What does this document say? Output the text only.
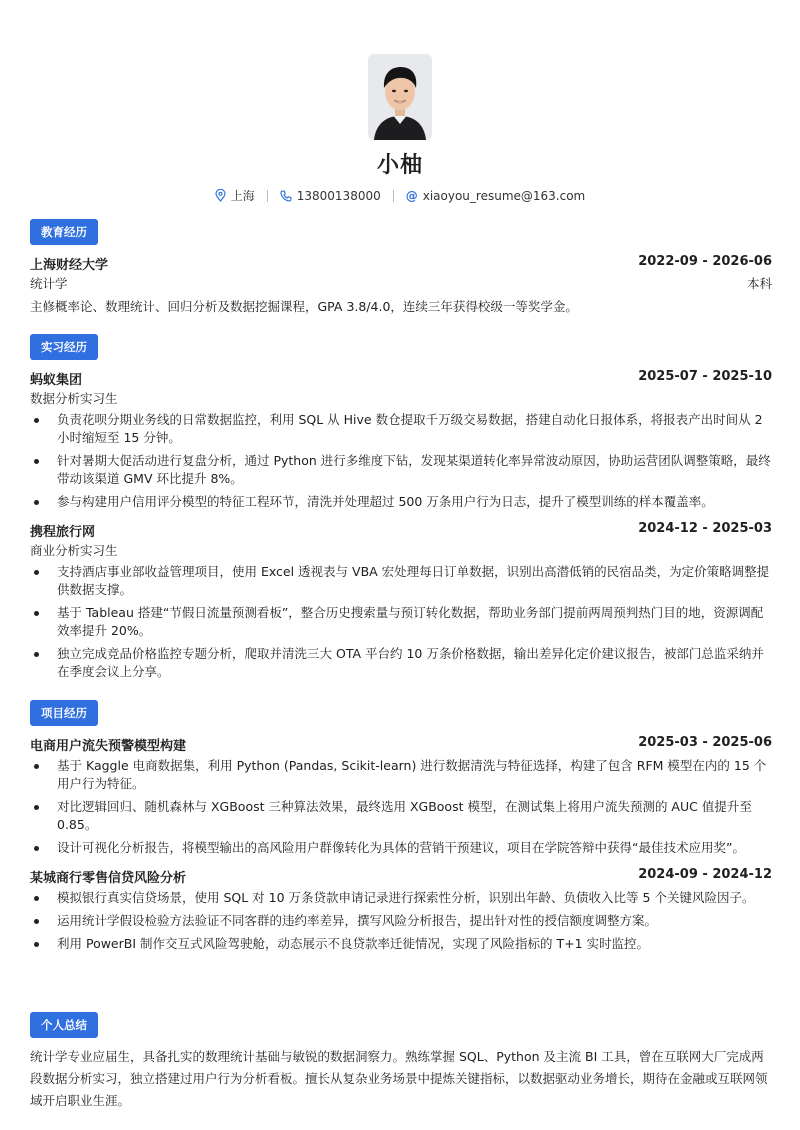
小柚
上海	13800138000 @ xiaoyou_resume@163.com
教育经历
上海财经大学	2022-09 - 2026-06
统计学	本科
主修概率论、数理统计、回归分析及数据挖掘课程，GPA 3.8/4.0，连续三年获得校级一等奖学金。
实习经历
蚂蚁集团	2025-07 - 2025-10
数据分析实习生
负责花呗分期业务线的日常数据监控，利用 SQL 从 Hive 数仓提取千万级交易数据，搭建自动化日报体系，将报表产出时间从 2 小时缩短至 15 分钟。
针对暑期大促活动进行复盘分析，通过 Python 进行多维度下钻，发现某渠道转化率异常波动原因，协助运营团队调整策略，最终带动该渠道 GMV 环比提升 8%。
参与构建用户信用评分模型的特征工程环节，清洗并处理超过 500 万条用户行为日志，提升了模型训练的样本覆盖率。
携程旅行网	2024-12 - 2025-03
商业分析实习生
支持酒店事业部收益管理项目，使用 Excel 透视表与 VBA 宏处理每日订单数据，识别出高潜低销的民宿品类，为定价策略调整提供数据支撑。
基于 Tableau 搭建“节假日流量预测看板”，整合历史搜索量与预订转化数据，帮助业务部门提前两周预判热门目的地，资源调配效率提升 20%。
独立完成竞品价格监控专题分析，爬取并清洗三大 OTA 平台约 10 万条价格数据，输出差异化定价建议报告，被部门总监采纳并在季度会议上分享。
项目经历
电商用户流失预警模型构建	2025-03 - 2025-06
基于 Kaggle 电商数据集，利用 Python (Pandas, Scikit-learn) 进行数据清洗与特征选择，构建了包含 RFM 模型在内的 15 个用户行为特征。
对比逻辑回归、随机森林与 XGBoost 三种算法效果，最终选用 XGBoost 模型，在测试集上将用户流失预测的 AUC 值提升至 0.85。
设计可视化分析报告，将模型输出的高风险用户群像转化为具体的营销干预建议，项目在学院答辩中获得“最佳技术应用奖”。
某城商行零售信贷风险分析	2024-09 - 2024-12
模拟银行真实信贷场景，使用 SQL 对 10 万条贷款申请记录进行探索性分析，识别出年龄、负债收入比等 5 个关键风险因子。
运用统计学假设检验方法验证不同客群的违约率差异，撰写风险分析报告，提出针对性的授信额度调整方案。
利用 PowerBI 制作交互式风险驾驶舱，动态展示不良贷款率迁徙情况，实现了风险指标的 T+1 实时监控。
个人总结
统计学专业应届生，具备扎实的数理统计基础与敏锐的数据洞察力。熟练掌握 SQL、Python 及主流 BI 工具，曾在互联网大厂完成两段数据分析实习，独立搭建过用户行为分析看板。擅长从复杂业务场景中提炼关键指标，以数据驱动业务增长，期待在金融或互联网领域开启职业生涯。
